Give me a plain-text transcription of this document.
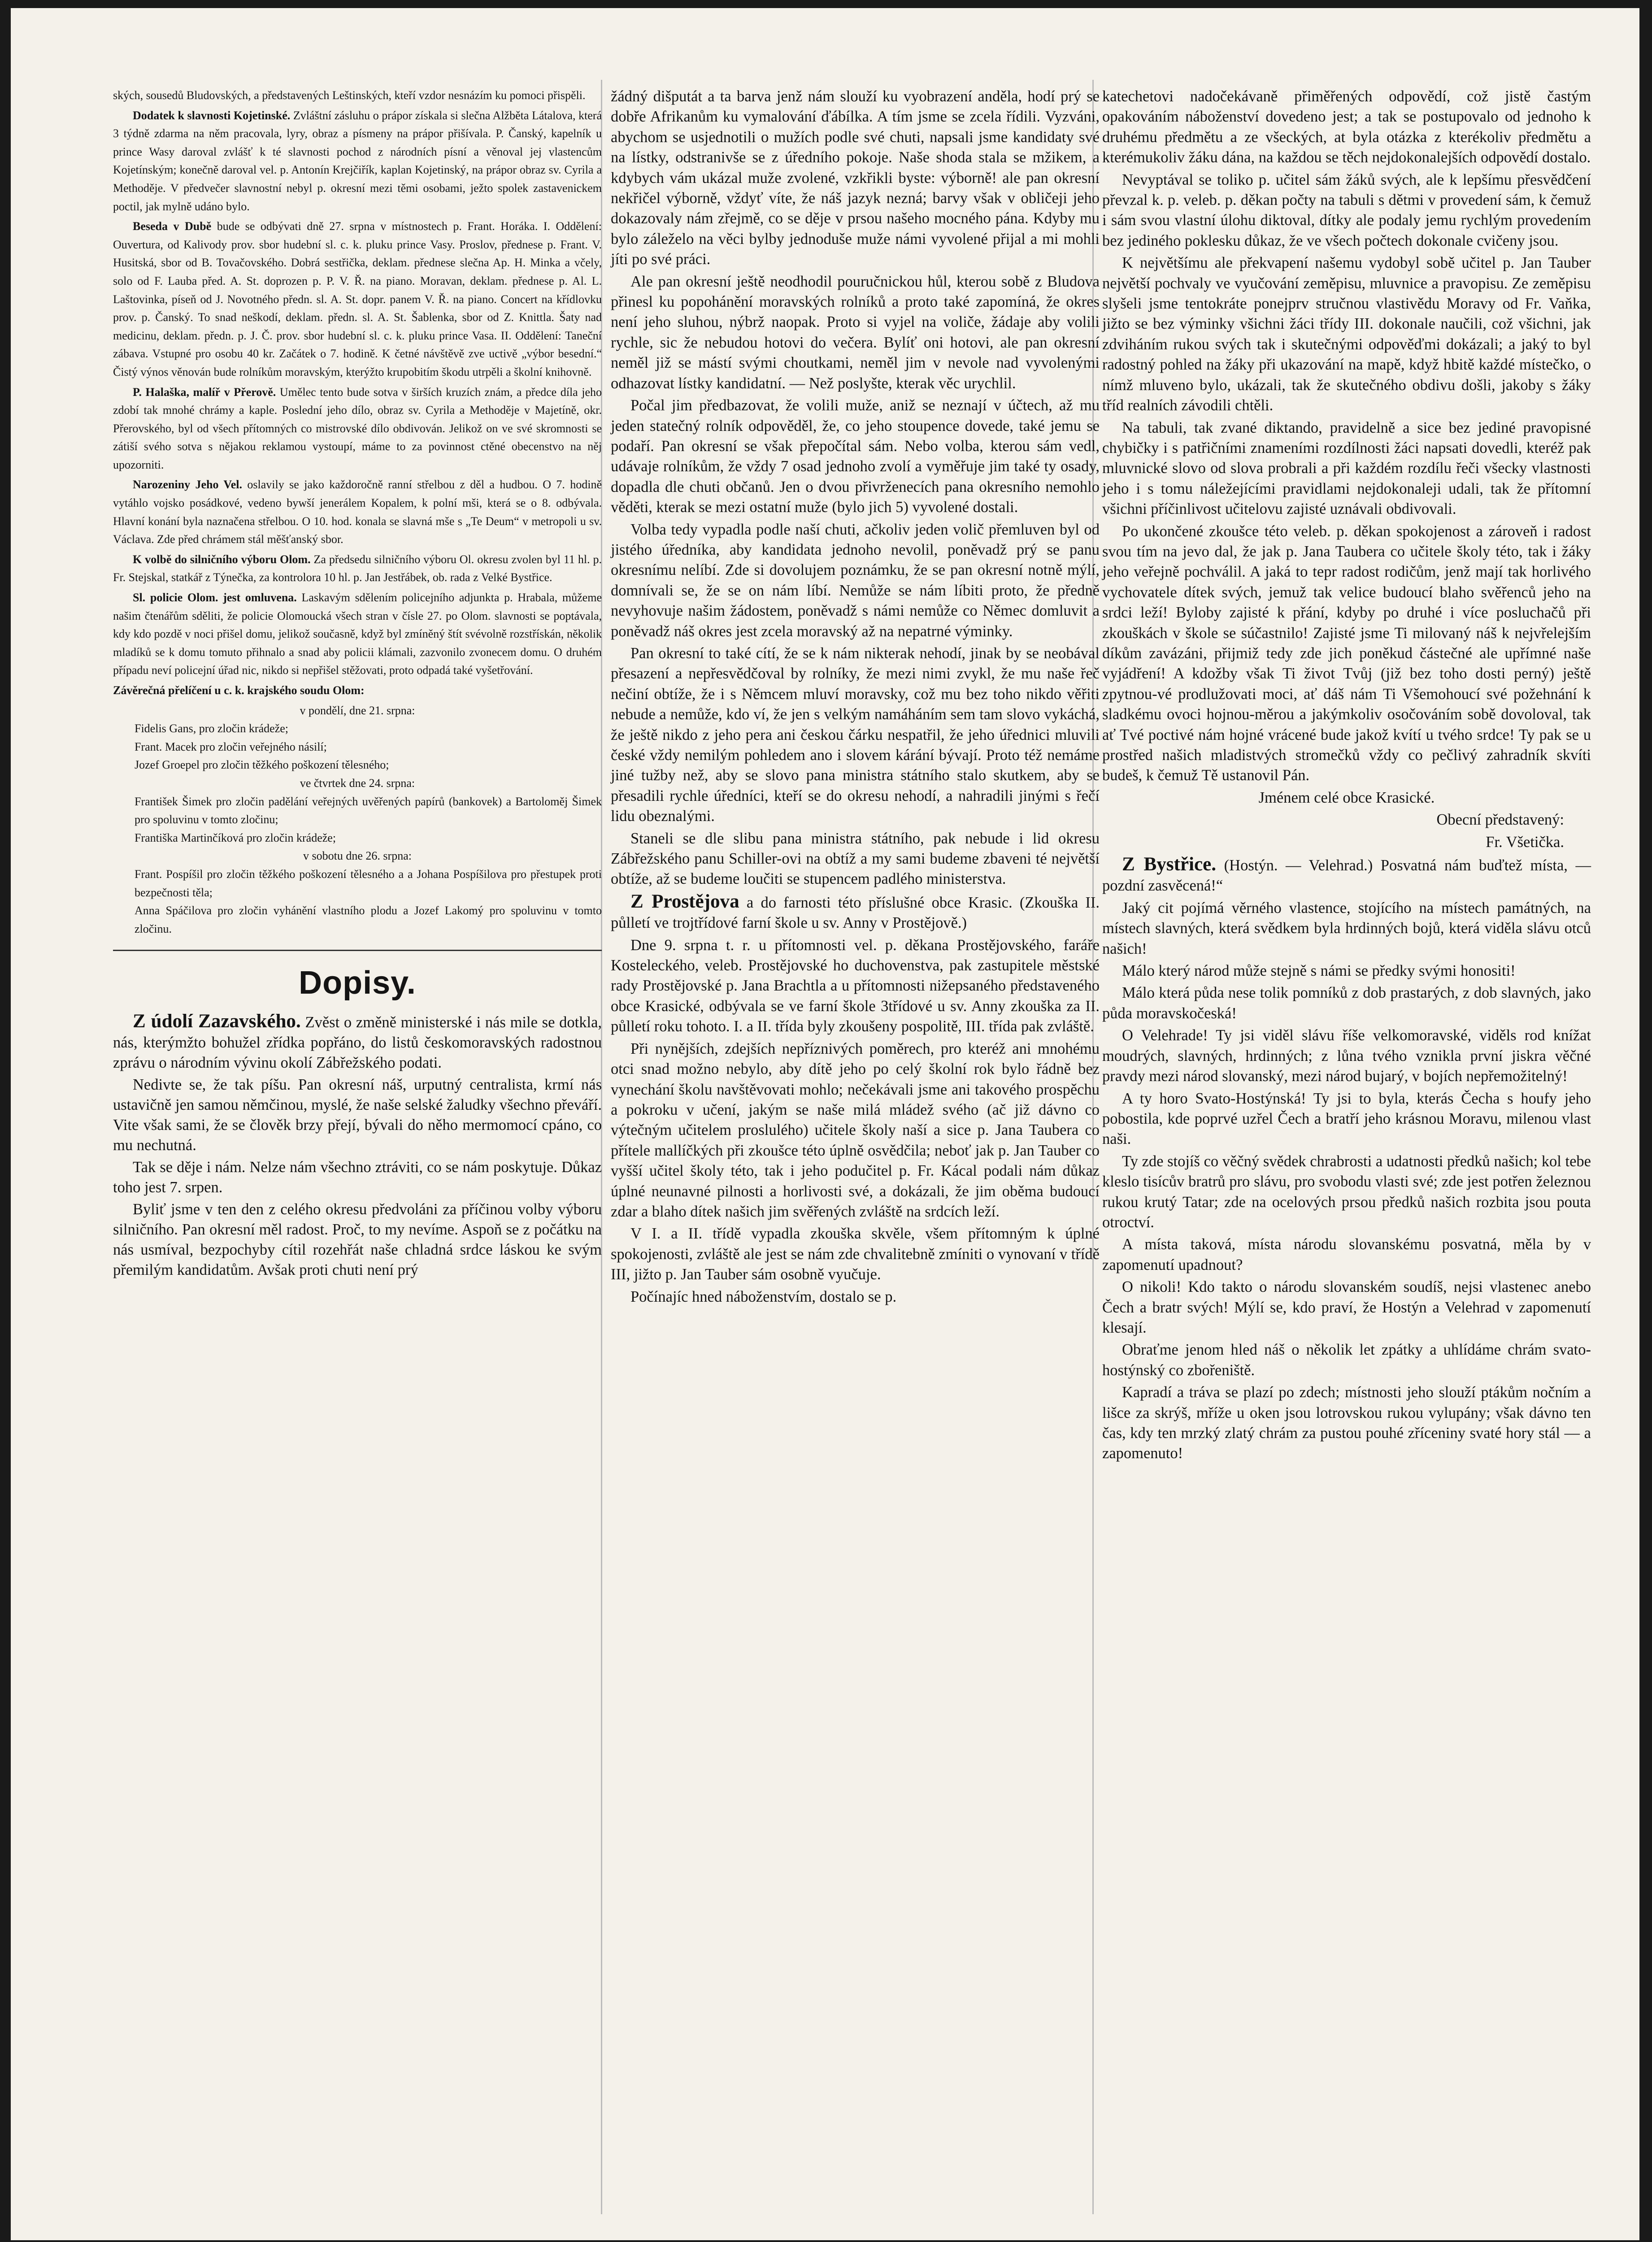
ských, sousedů Bludovských, a představených Leštinských, kteří vzdor nesnázím ku pomoci přispěli.

Dodatek k slavnosti Kojetinské. Zvláštní zásluhu o prápor získala si slečna Alžběta Látalova, která 3 týdně zdarma na něm pracovala, lyry, obraz a písmeny na prápor přišívala. P. Čanský, kapelník u prince Wasy daroval zvlášť k té slavnosti pochod z národních písní a věnoval jej vlastencům Kojetínským; konečně daroval vel. p. Antonín Krejčiřík, kaplan Kojetinský, na prápor obraz sv. Cyrila a Methoděje. V předvečer slavnostní nebyl p. okresní mezi těmi osobami, ježto spolek zastavenickem poctil, jak mylně udáno bylo.

Beseda v Dubě bude se odbývati dně 27. srpna v místnostech p. Frant. Horáka. I. Oddělení: Ouvertura, od Kalivody prov. sbor hudební sl. c. k. pluku prince Vasy. Proslov, přednese p. Frant. V. Husitská, sbor od B. Tovačovského. Dobrá sestřička, deklam. přednese slečna Ap. H. Minka a včely, solo od F. Lauba před. A. St. doprozen p. P. V. Ř. na piano. Moravan, deklam. přednese p. Al. L. Laštovinka, píseň od J. Novotného předn. sl. A. St. dopr. panem V. Ř. na piano. Concert na křídlovku prov. p. Čanský. To snad neškodí, deklam. předn. sl. A. St. Šablenka, sbor od Z. Knittla. Šaty nad medicinu, deklam. předn. p. J. Č. prov. sbor hudební sl. c. k. pluku prince Vasa. II. Oddělení: Taneční zábava. Vstupné pro osobu 40 kr. Začátek o 7. hodině. K četné návštěvě zve uctivě „výbor besední.“ Čistý výnos věnován bude rolníkům moravským, kterýžto krupobitím škodu utrpěli a školní knihovně.

P. Halaška, malíř v Přerově. Umělec tento bude sotva v širších kruzích znám, a předce díla jeho zdobí tak mnohé chrámy a kaple. Poslední jeho dílo, obraz sv. Cyrila a Methoděje v Majetíně, okr. Přerovského, byl od všech přítomných co mistrovské dílo obdivován. Jelikož on ve své skromnosti se zátiší svého sotva s nějakou reklamou vystoupí, máme to za povinnost ctěné obecenstvo na něj upozorniti.

Narozeniny Jeho Vel. oslavily se jako každoročně ranní střelbou z děl a hudbou. O 7. hodině vytáhlo vojsko posádkové, vedeno bywší jenerálem Kopalem, k polní mši, která se o 8. odbývala. Hlavní konání byla naznačena střelbou. O 10. hod. konala se slavná mše s „Te Deum“ v metropoli u sv. Václava. Zde před chrámem stál měšťanský sbor.

K volbě do silničního výboru Olom. Za předsedu silničního výboru Ol. okresu zvolen byl 11 hl. p. Fr. Stejskal, statkář z Týnečka, za kontrolora 10 hl. p. Jan Jestřábek, ob. rada z Velké Bystřice.

Sl. policie Olom. jest omluvena. Laskavým sdělením policejního adjunkta p. Hrabala, můžeme našim čtenářům sděliti, že policie Olomoucká všech stran v čísle 27. po Olom. slavnosti se poptávala, kdy kdo pozdě v noci přišel domu, jelikož současně, když byl zmíněný štít svévolně rozstřískán, několik mladíků se k domu tomuto přihnalo a snad aby policii klámali, zazvonilo zvonecem domu. O druhém případu neví policejní úřad nic, nikdo si nepřišel stěžovati, proto odpadá také vyšetřování.

Závěrečná přelíčení u c. k. krajského soudu Olom:

v pondělí, dne 21. srpna:

Fidelis Gans, pro zločin krádeže;

Frant. Macek pro zločin veřejného násilí;

Jozef Groepel pro zločin těžkého poškození tělesného;

ve čtvrtek dne 24. srpna:

František Šimek pro zločin padělání veřejných uvěřených papírů (bankovek) a Bartoloměj Šimek pro spoluvinu v tomto zločinu;

Františka Martinčíková pro zločin krádeže;

v sobotu dne 26. srpna:

Frant. Pospíšil pro zločin těžkého poškození tělesného a a Johana Pospíšilova pro přestupek proti bezpečnosti těla;

Anna Spáčilova pro zločin vyhánění vlastního plodu a Jozef Lakomý pro spoluvinu v tomto zločinu.

Dopisy.

Z údolí Zazavského. Zvěst o změně ministerské i nás mile se dotkla, nás, kterýmžto bohužel zřídka popřáno, do listů českomoravských radostnou zprávu o národním vývinu okolí Zábřežského podati.

Nedivte se, že tak píšu. Pan okresní náš, urputný centralista, krmí nás ustavičně jen samou němčinou, myslé, že naše selské žaludky všechno převáří. Vite však sami, že se člověk brzy přejí, bývali do něho mermomocí cpáno, co mu nechutná.

Tak se děje i nám. Nelze nám všechno ztráviti, co se nám poskytuje. Důkaz toho jest 7. srpen.

Byliť jsme v ten den z celého okresu předvoláni za příčinou volby výboru silničního. Pan okresní měl radost. Proč, to my nevíme. Aspoň se z počátku na nás usmíval, bezpochyby cítil rozehřát naše chladná srdce láskou ke svým přemilým kandidatům. Avšak proti chuti není prý

žádný dišputát a ta barva jenž nám slouží ku vyobrazení anděla, hodí prý se dobře Afrikanům ku vymalování ďábílka. A tím jsme se zcela řídili. Vyzváni, abychom se usjednotili o mužích podle své chuti, napsali jsme kandidaty své na lístky, odstranivše se z úředního pokoje. Naše shoda stala se mžikem, a kdybych vám ukázal muže zvolené, vzkřikli byste: výborně! ale pan okresní nekřičel výborně, vždyť víte, že náš jazyk nezná; barvy však v obličeji jeho dokazovaly nám zřejmě, co se děje v prsou našeho mocného pána. Kdyby mu bylo záleželo na věci bylby jednoduše muže námi vyvolené přijal a mi mohli jíti po své práci.

Ale pan okresní ještě neodhodil pouručnickou hůl, kterou sobě z Bludova přinesl ku popohánění moravských rolníků a proto také zapomíná, že okres není jeho sluhou, nýbrž naopak. Proto si vyjel na voliče, žádaje aby volili rychle, sic že nebudou hotovi do večera. Bylíť oni hotovi, ale pan okresní neměl již se mástí svými choutkami, neměl jim v nevole nad vyvolenými odhazovat lístky kandidatní. — Než poslyšte, kterak věc urychlil.

Počal jim předbazovat, že volili muže, aniž se neznají v účtech, až mu jeden statečný rolník odpověděl, že, co jeho stoupence dovede, také jemu se podaří. Pan okresní se však přepočítal sám. Nebo volba, kterou sám vedl, udávaje rolníkům, že vždy 7 osad jednoho zvolí a vyměřuje jim také ty osady, dopadla dle chuti občanů. Jen o dvou přivrženecích pana okresního nemohlo věděti, kterak se mezi ostatní muže (bylo jich 5) vyvolené dostali.

Volba tedy vypadla podle naší chuti, ačkoliv jeden volič přemluven byl od jistého úředníka, aby kandidata jednoho nevolil, poněvadž prý se panu okresnímu nelíbí. Zde si dovolujem poznámku, že se pan okresní notně mýlí, domnívali se, že se on nám líbí. Nemůže se nám líbiti proto, že předně nevyhovuje našim žádostem, poněvadž s námi nemůže co Němec domluvit a poněvadž náš okres jest zcela moravský až na nepatrné výminky.

Pan okresní to také cítí, že se k nám nikterak nehodí, jinak by se neobával přesazení a nepřesvědčoval by rolníky, že mezi nimi zvykl, že mu naše řeč nečiní obtíže, že i s Němcem mluví moravsky, což mu bez toho nikdo věřiti nebude a nemůže, kdo ví, že jen s velkým namáháním sem tam slovo vykáchá, že ještě nikdo z jeho pera ani českou čárku nespatřil, že jeho úřednici mluvili české vždy nemilým pohledem ano i slovem kárání bývají. Proto též nemáme jiné tužby než, aby se slovo pana ministra státního stalo skutkem, aby se přesadili rychle úředníci, kteří se do okresu nehodí, a nahradili jinými s řečí lidu obeznalými.

Staneli se dle slibu pana ministra státního, pak nebude i lid okresu Zábřežského panu Schiller-ovi na obtíž a my sami budeme zbaveni té největší obtíže, až se budeme loučiti se stupencem padlého ministerstva.

Z Prostějova a do farnosti této příslušné obce Krasic. (Zkouška II. půlletí ve trojtřídové farní škole u sv. Anny v Prostějově.)

Dne 9. srpna t. r. u přítomnosti vel. p. děkana Prostějovského, faráře Kosteleckého, veleb. Prostějovské ho duchovenstva, pak zastupitele městské rady Prostějovské p. Jana Brachtla a u přítomnosti nižepsaného představeného obce Krasické, odbývala se ve farní škole 3třídové u sv. Anny zkouška za II. půlletí roku tohoto. I. a II. třída byly zkoušeny pospolitě, III. třída pak zvláště.

Při nynějších, zdejších nepříznivých poměrech, pro kteréž ani mnohému otci snad možno nebylo, aby dítě jeho po celý školní rok bylo řádně bez vynechání školu navštěvovati mohlo; nečekávali jsme ani takového prospěchu a pokroku v učení, jakým se naše milá mládež svého (ač již dávno co výtečným učitelem proslulého) učitele školy naší a sice p. Jana Taubera co přítele mallíčkých při zkoušce této úplně osvědčila; neboť jak p. Jan Tauber co vyšší učitel školy této, tak i jeho podučitel p. Fr. Kácal podali nám důkaz úplné neunavné pilnosti a horlivosti své, a dokázali, že jim oběma budoucí zdar a blaho dítek našich jim svěřených zvláště na srdcích leží.

V I. a II. třídě vypadla zkouška skvěle, všem přítomným k úplné spokojenosti, zvláště ale jest se nám zde chvalitebně zmíniti o vynovaní v třídě III, jižto p. Jan Tauber sám osobně vyučuje.

Počínajíc hned náboženstvím, dostalo se p.

katechetovi nadočekávaně přiměřených odpovědí, což jistě častým opakováním náboženství dovedeno jest; a tak se postupovalo od jednoho k druhému předmětu a ze všeckých, at byla otázka z kterékoliv předmětu a kterémukoliv žáku dána, na každou se těch nejdokonalejších odpovědí dostalo.

Nevyptával se toliko p. učitel sám žáků svých, ale k lepšímu přesvědčení převzal k. p. veleb. p. děkan počty na tabuli s dětmi v provedení sám, k čemuž i sám svou vlastní úlohu diktoval, dítky ale podaly jemu rychlým provedením bez jediného poklesku důkaz, že ve všech počtech dokonale cvičeny jsou.

K největšímu ale překvapení našemu vydobyl sobě učitel p. Jan Tauber největší pochvaly ve vyučování zeměpisu, mluvnice a pravopisu. Ze zeměpisu slyšeli jsme tentokráte ponejprv stručnou vlastivědu Moravy od Fr. Vaňka, jižto se bez výminky všichni žáci třídy III. dokonale naučili, což všichni, jak zdviháním rukou svých tak i skutečnými odpověďmi dokázali; a jaký to byl radostný pohled na žáky při ukazování na mapě, když hbitě každé místečko, o nímž mluveno bylo, ukázali, tak že skutečného obdivu došli, jakoby s žáky tříd realních závodili chtěli.

Na tabuli, tak zvané diktando, pravidelně a sice bez jediné pravopisné chybičky i s patřičními znameními rozdílnosti žáci napsati dovedli, kteréž pak mluvnické slovo od slova probrali a při každém rozdílu řeči všecky vlastnosti jeho i s tomu náležejícími pravidlami nejdokonaleji udali, tak že přítomní všichni příčinlivost učitelovu zajisté uznávali obdivovali.

Po ukončené zkoušce této veleb. p. děkan spokojenost a zároveň i radost svou tím na jevo dal, že jak p. Jana Taubera co učitele školy této, tak i žáky jeho veřejně pochválil. A jaká to tepr radost rodičům, jenž mají tak horlivého vychovatele dítek svých, jemuž tak velice budoucí blaho svěřenců jeho na srdci leží! Byloby zajisté k přání, kdyby po druhé i více posluchačů při zkouškách v škole se súčastnilo! Zajisté jsme Ti milovaný náš k nejvřelejším díkům zavázáni, přijmiž tedy zde jich poněkud částečné ale upřímné naše vyjádření! A kdožby však Ti život Tvůj (již bez toho dosti perný) ještě zpytnou-vé prodlužovati moci, ať dáš nám Ti Všemohoucí své požehnání k sladkému ovoci hojnou-měrou a jakýmkoliv osočováním sobě dovoloval, tak ať Tvé poctivé nám hojné vrácené bude jakož kvítí u tvého srdce! Ty pak se u prostřed našich mladistvých stromečků vždy co pečlivý zahradník skvíti budeš, k čemuž Tě ustanovil Pán.

Jménem celé obce Krasické.

Obecní představený:

Fr. Všetička.

Z Bystřice. (Hostýn. — Velehrad.) Posvatná nám buďtež místa, — pozdní zasvěcená!“

Jaký cit pojímá věrného vlastence, stojícího na místech památných, na místech slavných, která svědkem byla hrdinných bojů, která viděla slávu otců našich!

Málo který národ může stejně s námi se předky svými honositi!

Málo která půda nese tolik pomníků z dob prastarých, z dob slavných, jako půda moravskočeská!

O Velehrade! Ty jsi viděl slávu říše velkomoravské, viděls rod knížat moudrých, slavných, hrdinných; z lůna tvého vznikla první jiskra věčné pravdy mezi národ slovanský, mezi národ bujarý, v bojích nepřemožitelný!

A ty horo Svato-Hostýnská! Ty jsi to byla, kterás Čecha s houfy jeho pobostila, kde poprvé uzřel Čech a bratří jeho krásnou Moravu, milenou vlast naši.

Ty zde stojíš co věčný svědek chrabrosti a udatnosti předků našich; kol tebe kleslo tisícův bratrů pro slávu, pro svobodu vlasti své; zde jest potřen železnou rukou krutý Tatar; zde na ocelových prsou předků našich rozbita jsou pouta otroctví.

A místa taková, místa národu slovanskému posvatná, měla by v zapomenutí upadnout?

O nikoli! Kdo takto o národu slovanském soudíš, nejsi vlastenec anebo Čech a bratr svých! Mýlí se, kdo praví, že Hostýn a Velehrad v zapomenutí klesají.

Obraťme jenom hled náš o několik let zpátky a uhlídáme chrám svato-hostýnský co zbořeniště.

Kapradí a tráva se plazí po zdech; místnosti jeho slouží ptákům nočním a lišce za skrýš, mříže u oken jsou lotrovskou rukou vylupány; však dávno ten čas, kdy ten mrzký zlatý chrám za pustou pouhé zříceniny svaté hory stál — a zapomenuto!
